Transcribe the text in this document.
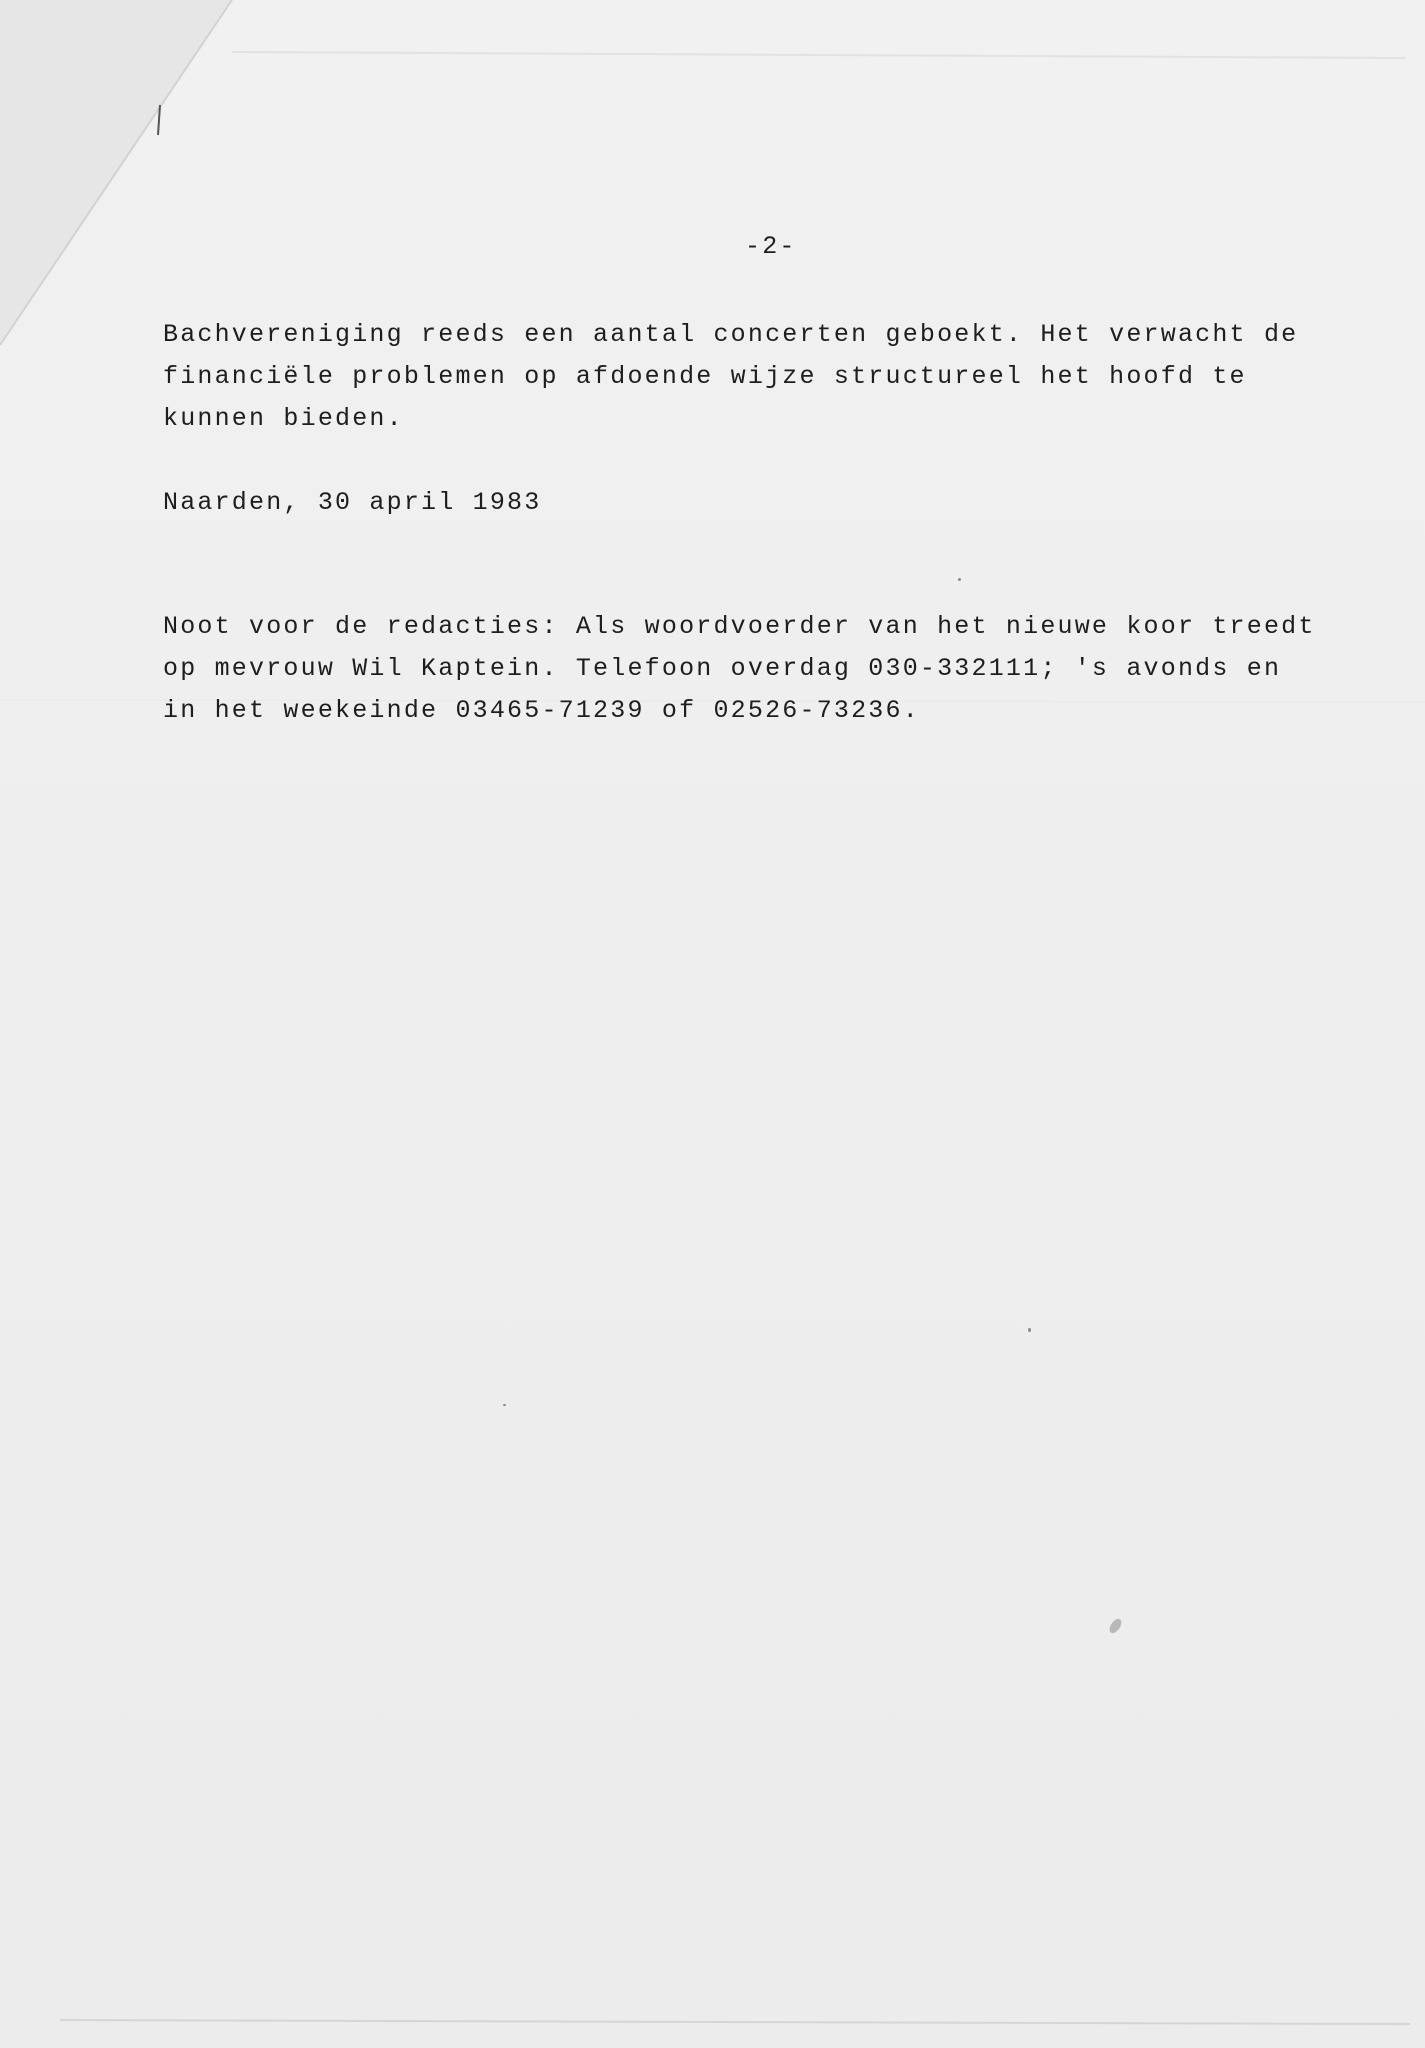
-2-
Bachvereniging reeds een aantal concerten geboekt. Het verwacht de
financiële problemen op afdoende wijze structureel het hoofd te
kunnen bieden.
Naarden, 30 april 1983
Noot voor de redacties: Als woordvoerder van het nieuwe koor treedt
op mevrouw Wil Kaptein. Telefoon overdag 030-332111; 's avonds en
in het weekeinde 03465-71239 of 02526-73236.
